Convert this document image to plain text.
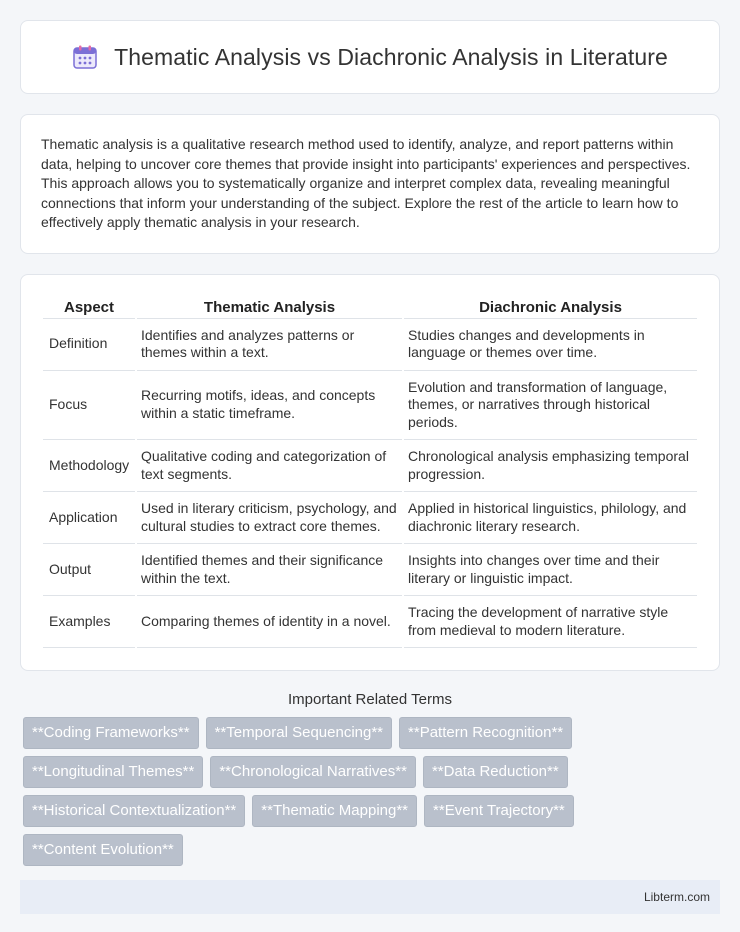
Thematic Analysis vs Diachronic Analysis in Literature

Thematic analysis is a qualitative research method used to identify, analyze, and report patterns within data, helping to uncover core themes that provide insight into participants' experiences and perspectives. This approach allows you to systematically organize and interpret complex data, revealing meaningful connections that inform your understanding of the subject. Explore the rest of the article to learn how to effectively apply thematic analysis in your research.

Aspect	Thematic Analysis	Diachronic Analysis
Definition	Identifies and analyzes patterns or themes within a text.	Studies changes and developments in language or themes over time.
Focus	Recurring motifs, ideas, and concepts within a static timeframe.	Evolution and transformation of language, themes, or narratives through historical periods.
Methodology	Qualitative coding and categorization of text segments.	Chronological analysis emphasizing temporal progression.
Application	Used in literary criticism, psychology, and cultural studies to extract core themes.	Applied in historical linguistics, philology, and diachronic literary research.
Output	Identified themes and their significance within the text.	Insights into changes over time and their literary or linguistic impact.
Examples	Comparing themes of identity in a novel.	Tracing the development of narrative style from medieval to modern literature.
Important Related Terms
**Coding Frameworks**	**Temporal Sequencing**	**Pattern Recognition**
**Longitudinal Themes**	**Chronological Narratives**	**Data Reduction**
**Historical Contextualization**	**Thematic Mapping**	**Event Trajectory**
**Content Evolution**
Libterm.com
